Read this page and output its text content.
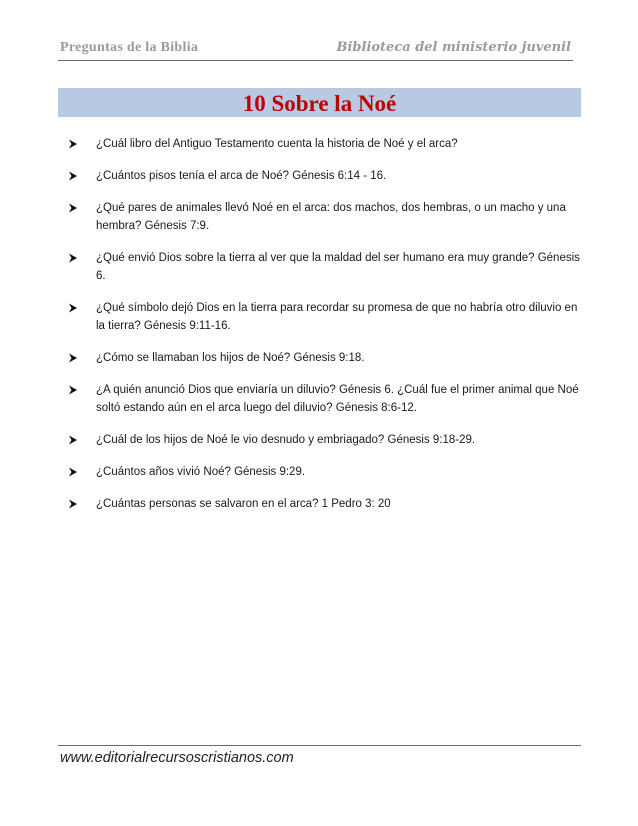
Preguntas de la Biblia	Biblioteca del ministerio juvenil
10 Sobre la Noé
¿Cuál libro del Antiguo Testamento cuenta la historia de Noé y el arca?
¿Cuántos pisos tenía el arca de Noé? Génesis 6:14 - 16.
¿Qué pares de animales llevó Noé en el arca: dos machos, dos hembras, o un macho y una hembra? Génesis 7:9.
¿Qué envió Dios sobre la tierra al ver que la maldad del ser humano era muy grande? Génesis 6.
¿Qué símbolo dejó Dios en la tierra para recordar su promesa de que no habría otro diluvio en la tierra? Génesis 9:11-16.
¿Cómo se llamaban los hijos de Noé? Génesis 9:18.
¿A quién anunció Dios que enviaría un diluvio? Génesis 6. ¿Cuál fue el primer animal que Noé soltó estando aún en el arca luego del diluvio? Génesis 8:6-12.
¿Cuál de los hijos de Noé le vio desnudo y embriagado? Génesis 9:18-29.
¿Cuántos años vivió Noé? Génesis 9:29.
¿Cuántas personas se salvaron en el arca? 1 Pedro 3: 20
www.editorialrecursoscristianos.com
